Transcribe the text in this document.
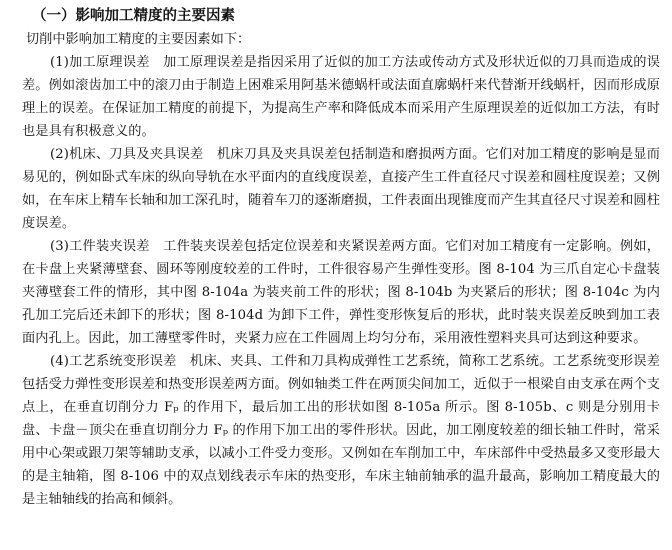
（一）影响加工精度的主要因素
切削中影响加工精度的主要因素如下：

(1)加工原理误差　加工原理误差是指因采用了近似的加工方法或传动方式及形状近似的刀具而造成的误差。例如滚齿加工中的滚刀由于制造上困难采用阿基米德蜗杆或法面直廓蜗杆来代替渐开线蜗杆，因而形成原理上的误差。在保证加工精度的前提下，为提高生产率和降低成本而采用产生原理误差的近似加工方法，有时也是具有积极意义的。

(2)机床、刀具及夹具误差　机床刀具及夹具误差包括制造和磨损两方面。它们对加工精度的影响是显而易见的，例如卧式车床的纵向导轨在水平面内的直线度误差，直接产生工件直径尺寸误差和圆柱度误差；又例如，在车床上精车长轴和加工深孔时，随着车刀的逐渐磨损，工件表面出现锥度而产生其直径尺寸误差和圆柱度误差。

(3)工件装夹误差　工件装夹误差包括定位误差和夹紧误差两方面。它们对加工精度有一定影响。例如，在卡盘上夹紧薄壁套、圆环等刚度较差的工件时，工件很容易产生弹性变形。图 8-104 为三爪自定心卡盘装夹薄壁套工件的情形，其中图 8-104a 为装夹前工件的形状；图 8-104b 为夹紧后的形状；图 8-104c 为内孔加工完后还未卸下的形状；图 8-104d 为卸下工件，弹性变形恢复后的形状，此时装夹误差反映到加工表面内孔上。因此，加工薄壁零件时，夹紧力应在工件圆周上均匀分布，采用液性塑料夹具可达到这种要求。

(4)工艺系统变形误差　机床、夹具、工件和刀具构成弹性工艺系统，简称工艺系统。工艺系统变形误差包括受力弹性变形误差和热变形误差两方面。例如轴类工件在两顶尖间加工，近似于一根梁自由支承在两个支点上，在垂直切削分力 Fₚ 的作用下，最后加工出的形状如图 8-105a 所示。图 8-105b、c 则是分别用卡盘、卡盘－顶尖在垂直切削分力 Fₚ 的作用下加工出的零件形状。因此，加工刚度较差的细长轴工件时，常采用中心架或跟刀架等辅助支承，以减小工件受力变形。又例如在车削加工中，车床部件中受热最多又变形最大的是主轴箱，图 8-106 中的双点划线表示车床的热变形，车床主轴前轴承的温升最高，影响加工精度最大的是主轴轴线的抬高和倾斜。
